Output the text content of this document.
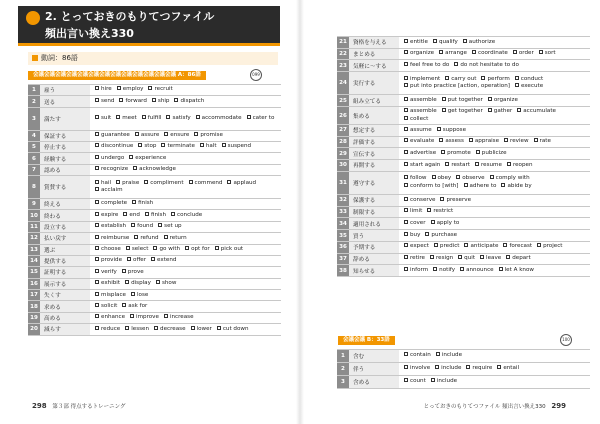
2. とっておきのもりてつファイル
頻出言い換え330
動詞：86語
会議会議会議会議会議会議会議会議会議会議会議会議会議 A：86語	099
1	雇う	hire employ recruit
2	送る	send forward ship dispatch
3	満たす	suit meet fulfill satisfy accommodate cater to
4	保証する	guarantee assure ensure promise
5	停止する	discontinue stop terminate halt suspend
6	経験する	undergo experience
7	認める	recognize acknowledge
8	賞賛する	hail praise compliment commend applaudacclaim
9	終える	complete finish
10	終わる	expire end finish conclude
11	設立する	establish found set up
12	払い戻す	reimburse refund return
13	選ぶ	choose select go with opt for pick out
14	提供する	provide offer extend
15	証明する	verify prove
16	展示する	exhibit display show
17	失くす	misplace lose
18	求める	solicit ask for
19	高める	enhance improve increase
20	減らす	reduce lessen decrease lower cut down
298 第３部 得点するトレーニング
21	資格を与える	entitle qualify authorize
22	まとめる	organize arrange coordinate order sort
23	気軽に〜する	feel free to do do not hesitate to do
24	実行する	implement carry out perform conductput into practice [action, operation] execute
25	組み立てる	assemble put together organize
26	集める	assemble get together gather accumulatecollect
27	想定する	assume suppose
28	評価する	evaluate assess appraise review rate
29	宣伝する	advertise promote publicize
30	再開する	start again restart resume reopen
31	遵守する	follow obey observe comply withconform to [with] adhere to abide by
32	保護する	conserve preserve
33	制限する	limit restrict
34	適用される	cover apply to
35	買う	buy purchase
36	予期する	expect predict anticipate forecast project
37	辞める	retire resign quit leave depart
38	知らせる	inform notify announce let A know
会議会議 B：33語	100
1	含む	contain include
2	伴う	involve include require entail
3	含める	count include
とっておきのもりてつファイル 頻出言い換え330 299
